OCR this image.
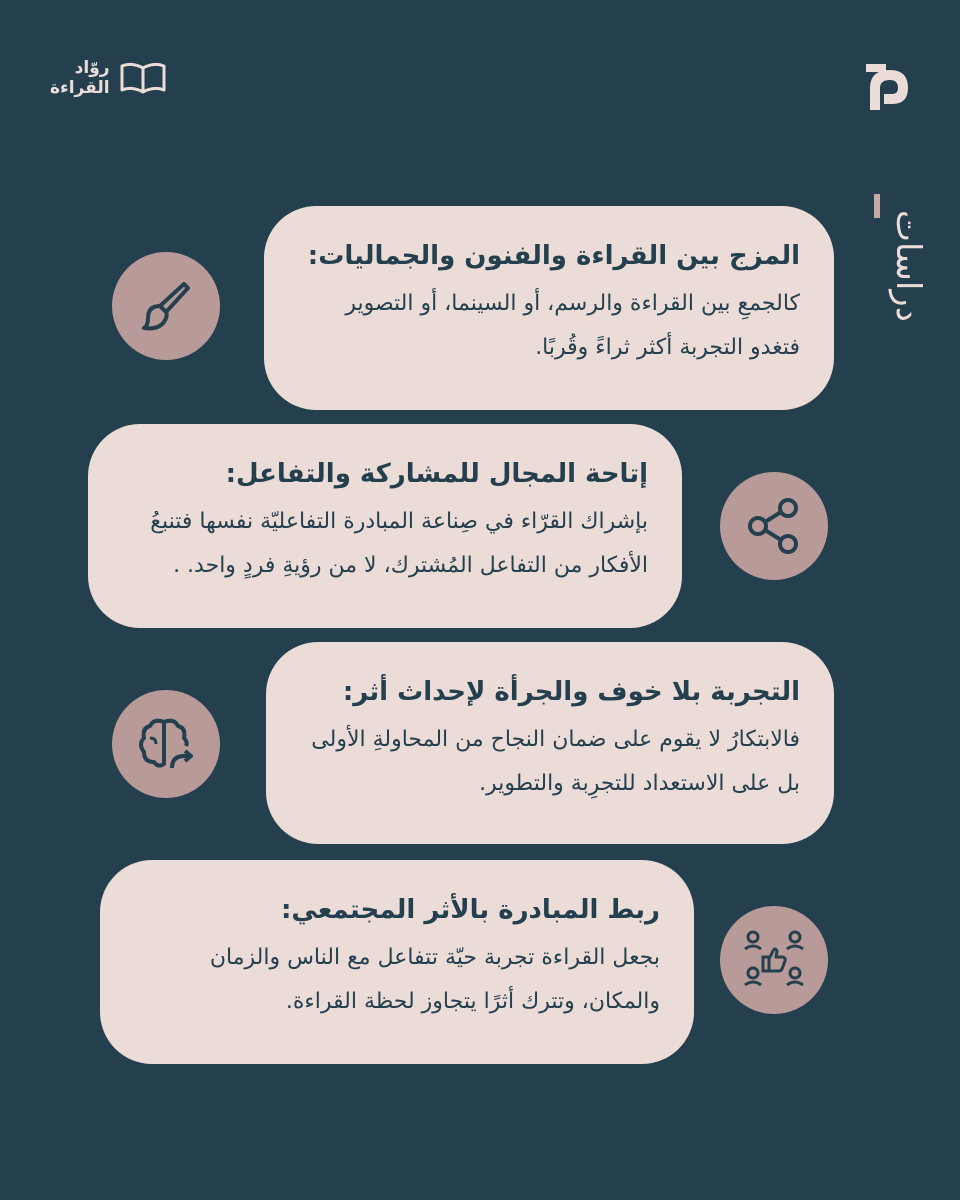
روّاد
القراءة
دراسات
المزج بين القراءة والفنون والجماليات:
كالجمعِ بين القراءة والرسم، أو السينما، أو التصوير فتغدو التجربة أكثر ثراءً وقُربًا.
إتاحة المجال للمشاركة والتفاعل:
بإشراك القرّاء في صِناعة المبادرة التفاعليّة نفسها فتنبعُ الأفكار من التفاعل المُشترك، لا من رؤيةِ فردٍ واحد. .
التجربة بلا خوف والجرأة لإحداث أثر:
فالابتكارُ لا يقوم على ضمان النجاح من المحاولةِ الأولى بل على الاستعداد للتجرِبة والتطوير.
ربط المبادرة بالأثر المجتمعي:
بجعل القراءة تجربة حيّة تتفاعل مع الناس والزمان والمكان، وتترك أثرًا يتجاوز لحظة القراءة.
